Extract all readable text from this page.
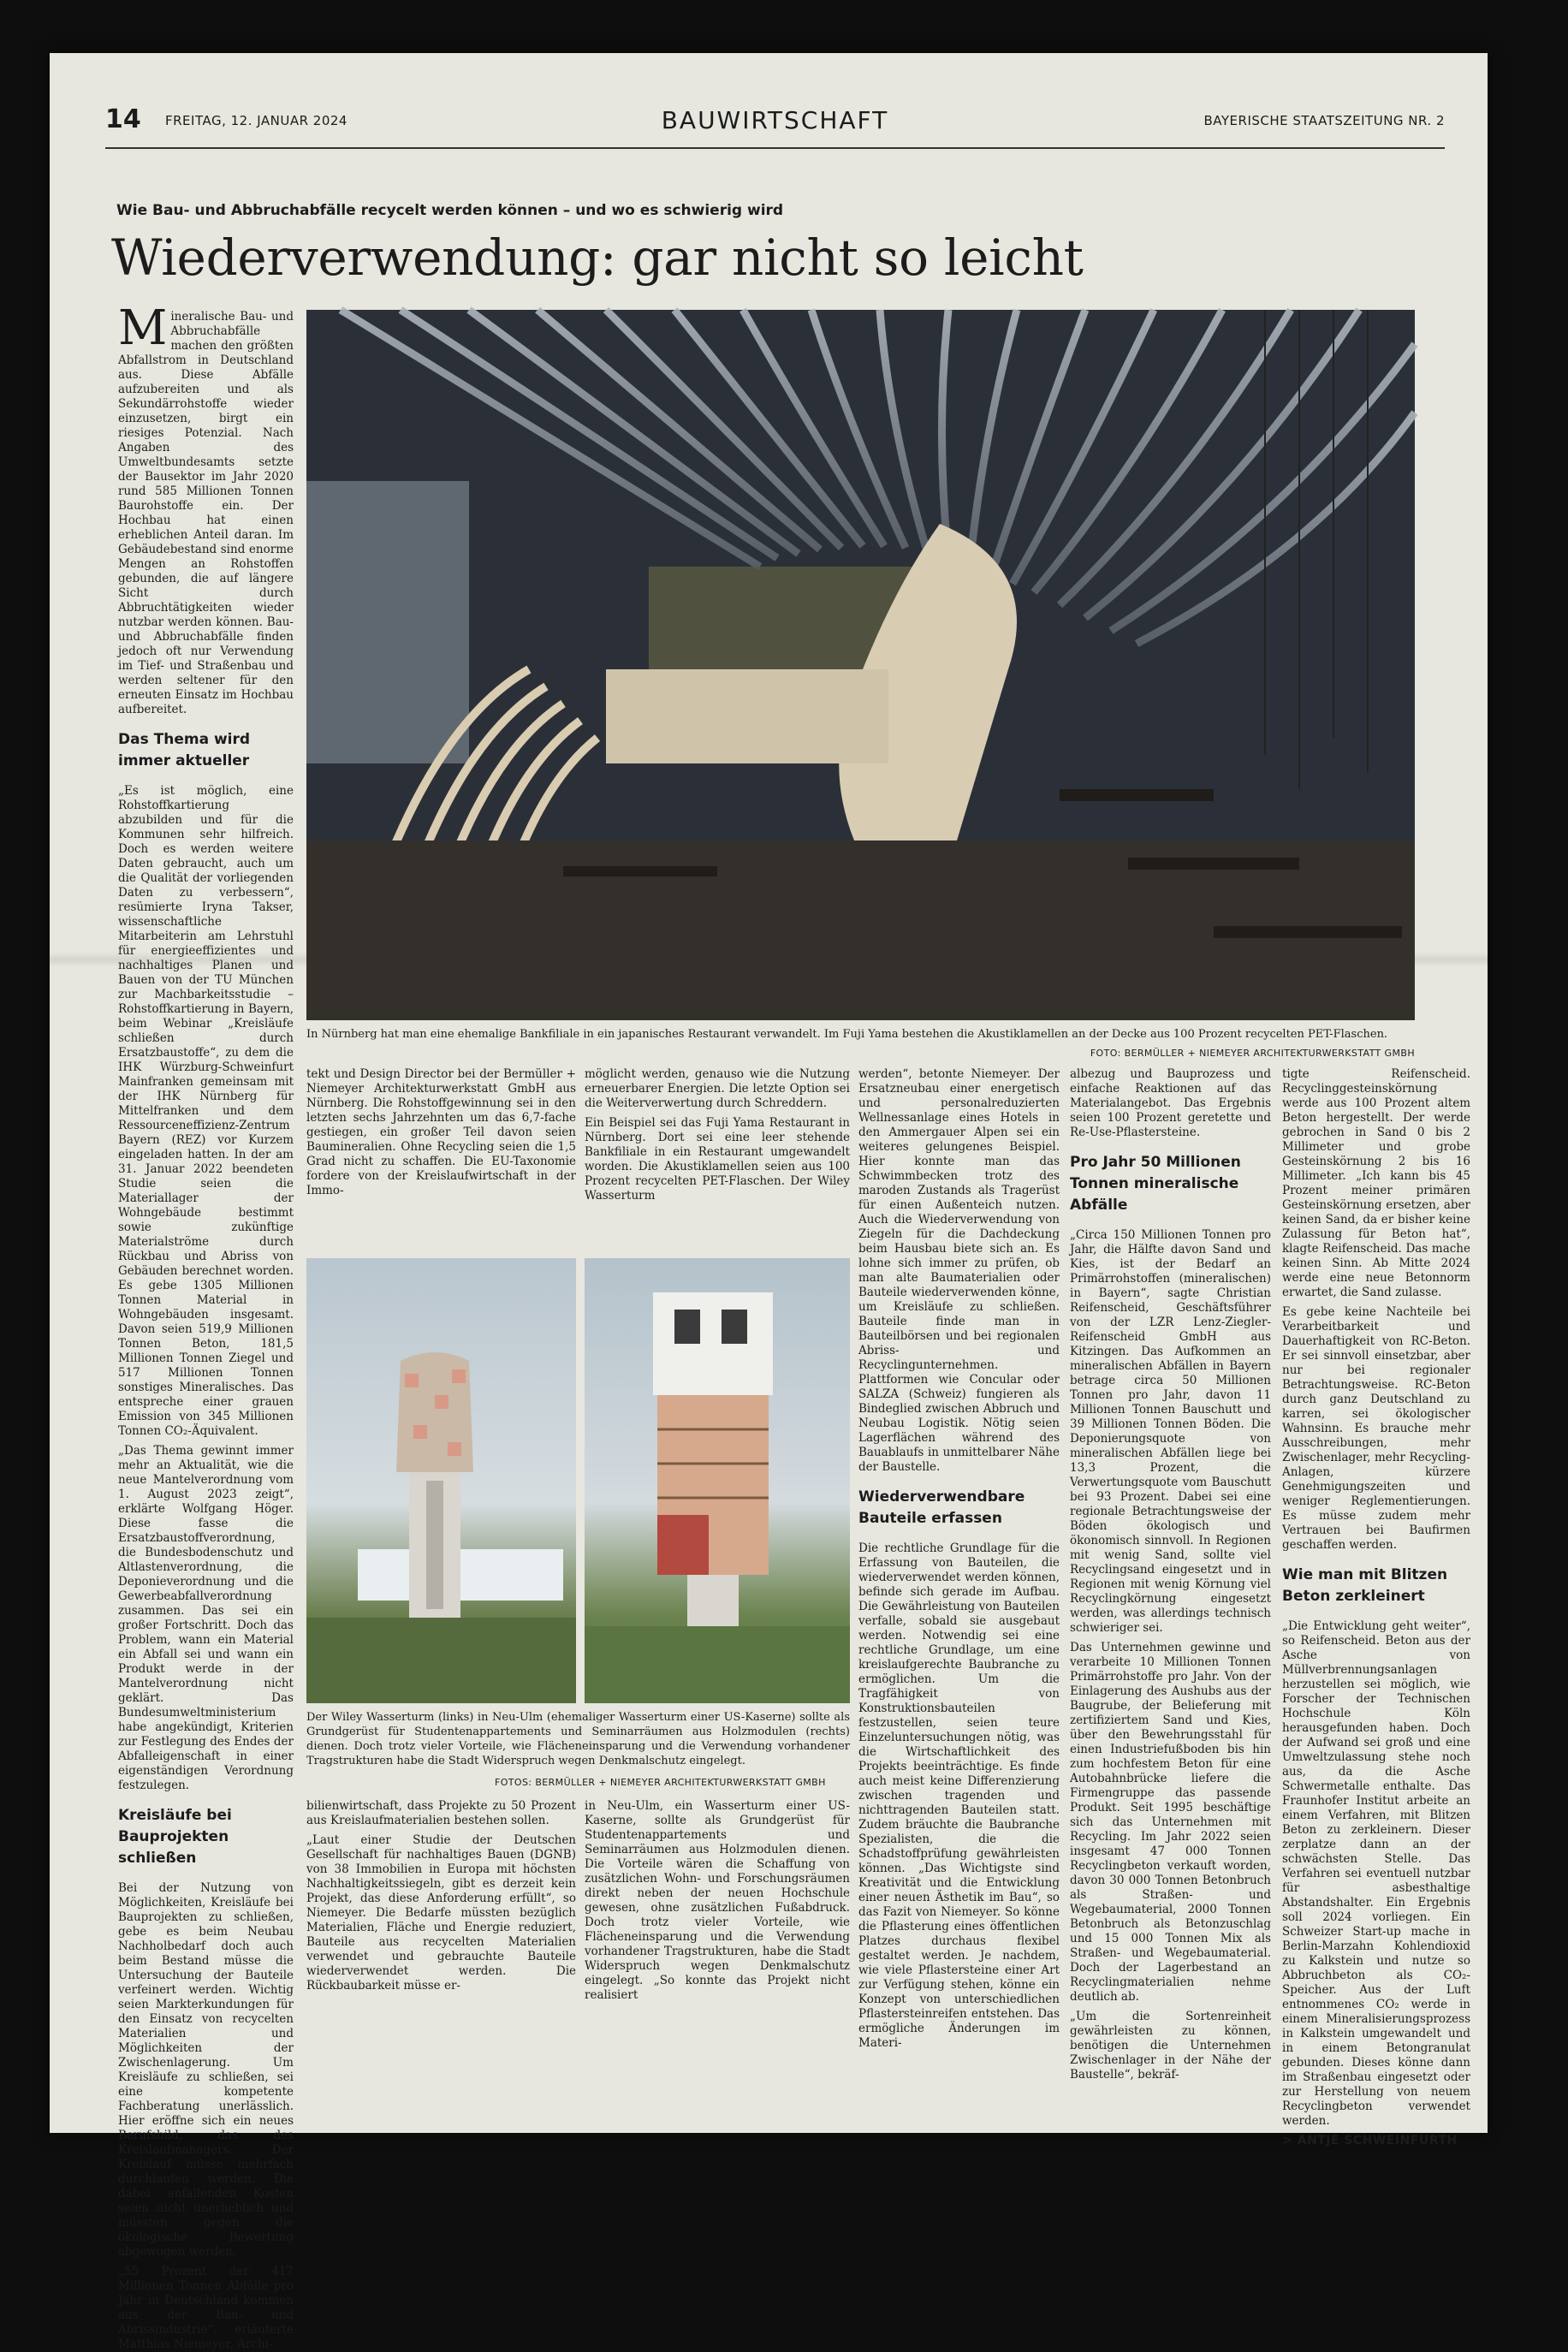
14 FREITAG, 12. JANUAR 2024	BAUWIRTSCHAFT	BAYERISCHE STAATSZEITUNG NR. 2
Wie Bau- und Abbruchabfälle recycelt werden können – und wo es schwierig wird
Wiederverwendung: gar nicht so leicht

Mineralische Bau- und Abbruchabfälle machen den größten Abfallstrom in Deutschland aus. Diese Abfälle aufzubereiten und als Sekundärrohstoffe wieder einzusetzen, birgt ein riesiges Potenzial. Nach Angaben des Umweltbundesamts setzte der Bausektor im Jahr 2020 rund 585 Millionen Tonnen Baurohstoffe ein. Der Hochbau hat einen erheblichen Anteil daran. Im Gebäudebestand sind enorme Mengen an Rohstoffen gebunden, die auf längere Sicht durch Abbruchtätigkeiten wieder nutzbar werden können. Bau- und Abbruchabfälle finden jedoch oft nur Verwendung im Tief- und Straßenbau und werden seltener für den erneuten Einsatz im Hochbau aufbereitet.

Das Thema wird immer aktueller

„Es ist möglich, eine Rohstoffkartierung abzubilden und für die Kommunen sehr hilfreich. Doch es werden weitere Daten gebraucht, auch um die Qualität der vorliegenden Daten zu verbessern“, resümierte Iryna Takser, wissenschaftliche Mitarbeiterin am Lehrstuhl für energieeffizientes und nachhaltiges Planen und Bauen von der TU München zur Machbarkeitsstudie – Rohstoffkartierung in Bayern, beim Webinar „Kreisläufe schließen durch Ersatzbaustoffe“, zu dem die IHK Würzburg-Schweinfurt Mainfranken gemeinsam mit der IHK Nürnberg für Mittelfranken und dem Ressourceneffizienz-Zentrum Bayern (REZ) vor Kurzem eingeladen hatten. In der am 31. Januar 2022 beendeten Studie seien die Materiallager der Wohngebäude bestimmt sowie zukünftige Materialströme durch Rückbau und Abriss von Gebäuden berechnet worden. Es gebe 1305 Millionen Tonnen Material in Wohngebäuden insgesamt. Davon seien 519,9 Millionen Tonnen Beton, 181,5 Millionen Tonnen Ziegel und 517 Millionen Tonnen sonstiges Mineralisches. Das entspreche einer grauen Emission von 345 Millionen Tonnen CO₂-Äquivalent.

„Das Thema gewinnt immer mehr an Aktualität, wie die neue Mantelverordnung vom 1. August 2023 zeigt“, erklärte Wolfgang Höger. Diese fasse die Ersatzbaustoffverordnung, die Bundesbodenschutz und Altlastenverordnung, die Deponieverordnung und die Gewerbeabfallverordnung zusammen. Das sei ein großer Fortschritt. Doch das Problem, wann ein Material ein Abfall sei und wann ein Produkt werde in der Mantelverordnung nicht geklärt. Das Bundesumweltministerium habe angekündigt, Kriterien zur Festlegung des Endes der Abfalleigenschaft in einer eigenständigen Verordnung festzulegen.

Kreisläufe bei Bauprojekten schließen

Bei der Nutzung von Möglichkeiten, Kreisläufe bei Bauprojekten zu schließen, gebe es beim Neubau Nachholbedarf doch auch beim Bestand müsse die Untersuchung der Bauteile verfeinert werden. Wichtig seien Markterkundungen für den Einsatz von recycelten Materialien und Möglichkeiten der Zwischenlagerung. Um Kreisläufe zu schließen, sei eine kompetente Fachberatung unerlässlich. Hier eröffne sich ein neues Berufsbild, das des Kreislaufmanagers. Der Kreislauf müsse mehrfach durchlaufen werden. Die dabei anfallenden Kosten seien nicht unerheblich und müssten gegen die ökologische Bewertung abgewogen werden.

„55 Prozent der 417 Millionen Tonnen Abfälle pro Jahr in Deutschland kommen aus der Bau- und Abrissindustrie“, erläuterte Matthias Niemeyer, Archi-

In Nürnberg hat man eine ehemalige Bankfiliale in ein japanisches Restaurant verwandelt. Im Fuji Yama bestehen die Akustiklamellen an der Decke aus 100 Prozent recycelten PET-Flaschen.
FOTO: BERMÜLLER + NIEMEYER ARCHITEKTURWERKSTATT GMBH

tekt und Design Director bei der Bermüller + Niemeyer Architekturwerkstatt GmbH aus Nürnberg. Die Rohstoffgewinnung sei in den letzten sechs Jahrzehnten um das 6,7-fache gestiegen, ein großer Teil davon seien Baumineralien. Ohne Recycling seien die 1,5 Grad nicht zu schaffen. Die EU-Taxonomie fordere von der Kreislaufwirtschaft in der Immo-

möglicht werden, genauso wie die Nutzung erneuerbarer Energien. Die letzte Option sei die Weiterverwertung durch Schreddern.

Ein Beispiel sei das Fuji Yama Restaurant in Nürnberg. Dort sei eine leer stehende Bankfiliale in ein Restaurant umgewandelt worden. Die Akustiklamellen seien aus 100 Prozent recycelten PET-Flaschen. Der Wiley Wasserturm

Der Wiley Wasserturm (links) in Neu-Ulm (ehemaliger Wasserturm einer US-Kaserne) sollte als Grundgerüst für Studentenappartements und Seminarräumen aus Holzmodulen (rechts) dienen. Doch trotz vieler Vorteile, wie Flächeneinsparung und die Verwendung vorhandener Tragstrukturen habe die Stadt Widerspruch wegen Denkmalschutz eingelegt.
FOTOS: BERMÜLLER + NIEMEYER ARCHITEKTURWERKSTATT GMBH

bilienwirtschaft, dass Projekte zu 50 Prozent aus Kreislaufmaterialien bestehen sollen.

„Laut einer Studie der Deutschen Gesellschaft für nachhaltiges Bauen (DGNB) von 38 Immobilien in Europa mit höchsten Nachhaltigkeitssiegeln, gibt es derzeit kein Projekt, das diese Anforderung erfüllt“, so Niemeyer. Die Bedarfe müssten bezüglich Materialien, Fläche und Energie reduziert, Bauteile aus recycelten Materialien verwendet und gebrauchte Bauteile wiederverwendet werden. Die Rückbaubarkeit müsse er-

in Neu-Ulm, ein Wasserturm einer US-Kaserne, sollte als Grundgerüst für Studentenappartements und Seminarräumen aus Holzmodulen dienen. Die Vorteile wären die Schaffung von zusätzlichen Wohn- und Forschungsräumen direkt neben der neuen Hochschule gewesen, ohne zusätzlichen Fußabdruck. Doch trotz vieler Vorteile, wie Flächeneinsparung und die Verwendung vorhandener Tragstrukturen, habe die Stadt Widerspruch wegen Denkmalschutz eingelegt. „So konnte das Projekt nicht realisiert

werden“, betonte Niemeyer. Der Ersatzneubau einer energetisch und personalreduzierten Wellnessanlage eines Hotels in den Ammergauer Alpen sei ein weiteres gelungenes Beispiel. Hier konnte man das Schwimmbecken trotz des maroden Zustands als Tragerüst für einen Außenteich nutzen. Auch die Wiederverwendung von Ziegeln für die Dachdeckung beim Hausbau biete sich an. Es lohne sich immer zu prüfen, ob man alte Baumaterialien oder Bauteile wiederverwenden könne, um Kreisläufe zu schließen. Bauteile finde man in Bauteilbörsen und bei regionalen Abriss- und Recyclingunternehmen. Plattformen wie Concular oder SALZA (Schweiz) fungieren als Bindeglied zwischen Abbruch und Neubau Logistik. Nötig seien Lagerflächen während des Bauablaufs in unmittelbarer Nähe der Baustelle.

Wiederverwendbare Bauteile erfassen

Die rechtliche Grundlage für die Erfassung von Bauteilen, die wiederverwendet werden können, befinde sich gerade im Aufbau. Die Gewährleistung von Bauteilen verfalle, sobald sie ausgebaut werden. Notwendig sei eine rechtliche Grundlage, um eine kreislaufgerechte Baubranche zu ermöglichen. Um die Tragfähigkeit von Konstruktionsbauteilen festzustellen, seien teure Einzeluntersuchungen nötig, was die Wirtschaftlichkeit des Projekts beeinträchtige. Es finde auch meist keine Differenzierung zwischen tragenden und nichttragenden Bauteilen statt. Zudem bräuchte die Baubranche Spezialisten, die die Schadstoffprüfung gewährleisten können. „Das Wichtigste sind Kreativität und die Entwicklung einer neuen Ästhetik im Bau“, so das Fazit von Niemeyer. So könne die Pflasterung eines öffentlichen Platzes durchaus flexibel gestaltet werden. Je nachdem, wie viele Pflastersteine einer Art zur Verfügung stehen, könne ein Konzept von unterschiedlichen Pflastersteinreifen entstehen. Das ermögliche Änderungen im Materi-

albezug und Bauprozess und einfache Reaktionen auf das Materialangebot. Das Ergebnis seien 100 Prozent geretette und Re-Use-Pflastersteine.

Pro Jahr 50 Millionen Tonnen mineralische Abfälle

„Circa 150 Millionen Tonnen pro Jahr, die Hälfte davon Sand und Kies, ist der Bedarf an Primärrohstoffen (mineralischen) in Bayern“, sagte Christian Reifenscheid, Geschäftsführer von der LZR Lenz-Ziegler-Reifenscheid GmbH aus Kitzingen. Das Aufkommen an mineralischen Abfällen in Bayern betrage circa 50 Millionen Tonnen pro Jahr, davon 11 Millionen Tonnen Bauschutt und 39 Millionen Tonnen Böden. Die Deponierungsquote von mineralischen Abfällen liege bei 13,3 Prozent, die Verwertungsquote vom Bauschutt bei 93 Prozent. Dabei sei eine regionale Betrachtungsweise der Böden ökologisch und ökonomisch sinnvoll. In Regionen mit wenig Sand, sollte viel Recyclingsand eingesetzt und in Regionen mit wenig Körnung viel Recyclingkörnung eingesetzt werden, was allerdings technisch schwieriger sei.

Das Unternehmen gewinne und verarbeite 10 Millionen Tonnen Primärrohstoffe pro Jahr. Von der Einlagerung des Aushubs aus der Baugrube, der Belieferung mit zertifiziertem Sand und Kies, über den Bewehrungsstahl für einen Industriefußboden bis hin zum hochfestem Beton für eine Autobahnbrücke liefere die Firmengruppe das passende Produkt. Seit 1995 beschäftige sich das Unternehmen mit Recycling. Im Jahr 2022 seien insgesamt 47 000 Tonnen Recyclingbeton verkauft worden, davon 30 000 Tonnen Betonbruch als Straßen- und Wegebaumaterial, 2000 Tonnen Betonbruch als Betonzuschlag und 15 000 Tonnen Mix als Straßen- und Wegebaumaterial. Doch der Lagerbestand an Recyclingmaterialien nehme deutlich ab.

„Um die Sortenreinheit gewährleisten zu können, benötigen die Unternehmen Zwischenlager in der Nähe der Baustelle“, bekräf-

tigte Reifenscheid. Recyclinggesteinskörnung werde aus 100 Prozent altem Beton hergestellt. Der werde gebrochen in Sand 0 bis 2 Millimeter und grobe Gesteinskörnung 2 bis 16 Millimeter. „Ich kann bis 45 Prozent meiner primären Gesteinskörnung ersetzen, aber keinen Sand, da er bisher keine Zulassung für Beton hat“, klagte Reifenscheid. Das mache keinen Sinn. Ab Mitte 2024 werde eine neue Betonnorm erwartet, die Sand zulasse.

Es gebe keine Nachteile bei Verarbeitbarkeit und Dauerhaftigkeit von RC-Beton. Er sei sinnvoll einsetzbar, aber nur bei regionaler Betrachtungsweise. RC-Beton durch ganz Deutschland zu karren, sei ökologischer Wahnsinn. Es brauche mehr Ausschreibungen, mehr Zwischenlager, mehr Recycling-Anlagen, kürzere Genehmigungszeiten und weniger Reglementierungen. Es müsse zudem mehr Vertrauen bei Baufirmen geschaffen werden.

Wie man mit Blitzen Beton zerkleinert

„Die Entwicklung geht weiter“, so Reifenscheid. Beton aus der Asche von Müllverbrennungsanlagen herzustellen sei möglich, wie Forscher der Technischen Hochschule Köln herausgefunden haben. Doch der Aufwand sei groß und eine Umweltzulassung stehe noch aus, da die Asche Schwermetalle enthalte. Das Fraunhofer Institut arbeite an einem Verfahren, mit Blitzen Beton zu zerkleinern. Dieser zerplatze dann an der schwächsten Stelle. Das Verfahren sei eventuell nutzbar für asbesthaltige Abstandshalter. Ein Ergebnis soll 2024 vorliegen. Ein Schweizer Start-up mache in Berlin-Marzahn Kohlendioxid zu Kalkstein und nutze so Abbruchbeton als CO₂-Speicher. Aus der Luft entnommenes CO₂ werde in einem Mineralisierungsprozess in Kalkstein umgewandelt und in einem Betongranulat gebunden. Dieses könne dann im Straßenbau eingesetzt oder zur Herstellung von neuem Recyclingbeton verwendet werden.

> ANTJE SCHWEINFURTH
